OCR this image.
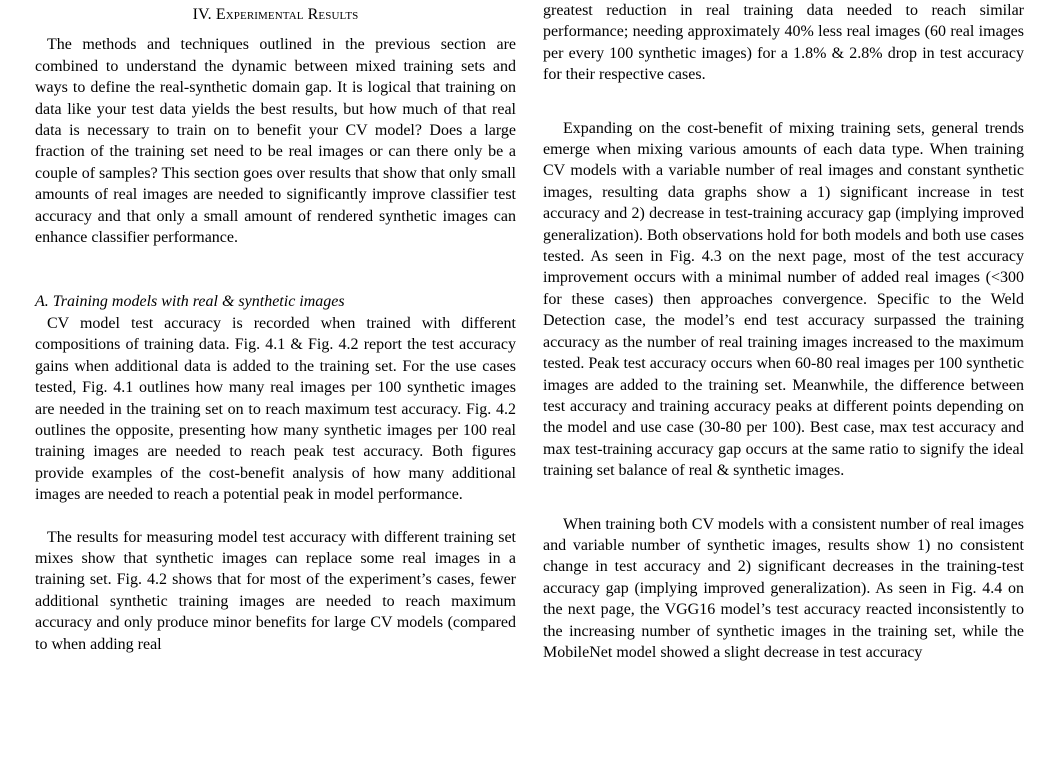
IV. Experimental Results

The methods and techniques outlined in the previous section are combined to understand the dynamic between mixed training sets and ways to define the real-synthetic domain gap. It is logical that training on data like your test data yields the best results, but how much of that real data is necessary to train on to benefit your CV model? Does a large fraction of the training set need to be real images or can there only be a couple of samples? This section goes over results that show that only small amounts of real images are needed to significantly improve classifier test accuracy and that only a small amount of rendered synthetic images can enhance classifier performance.

A. Training models with real & synthetic images

CV model test accuracy is recorded when trained with different compositions of training data. Fig. 4.1 & Fig. 4.2 report the test accuracy gains when additional data is added to the training set. For the use cases tested, Fig. 4.1 outlines how many real images per 100 synthetic images are needed in the training set on to reach maximum test accuracy. Fig. 4.2 outlines the opposite, presenting how many synthetic images per 100 real training images are needed to reach peak test accuracy. Both figures provide examples of the cost-benefit analysis of how many additional images are needed to reach a potential peak in model performance.

The results for measuring model test accuracy with different training set mixes show that synthetic images can replace some real images in a training set. Fig. 4.2 shows that for most of the experiment’s cases, fewer additional synthetic training images are needed to reach maximum accuracy and only produce minor benefits for large CV models (compared to when adding real

greatest reduction in real training data needed to reach similar performance; needing approximately 40% less real images (60 real images per every 100 synthetic images) for a 1.8% & 2.8% drop in test accuracy for their respective cases.

Expanding on the cost-benefit of mixing training sets, general trends emerge when mixing various amounts of each data type. When training CV models with a variable number of real images and constant synthetic images, resulting data graphs show a 1) significant increase in test accuracy and 2) decrease in test-training accuracy gap (implying improved generalization). Both observations hold for both models and both use cases tested. As seen in Fig. 4.3 on the next page, most of the test accuracy improvement occurs with a minimal number of added real images (<300 for these cases) then approaches convergence. Specific to the Weld Detection case, the model’s end test accuracy surpassed the training accuracy as the number of real training images increased to the maximum tested. Peak test accuracy occurs when 60-80 real images per 100 synthetic images are added to the training set. Meanwhile, the difference between test accuracy and training accuracy peaks at different points depending on the model and use case (30-80 per 100). Best case, max test accuracy and max test-training accuracy gap occurs at the same ratio to signify the ideal training set balance of real & synthetic images.

When training both CV models with a consistent number of real images and variable number of synthetic images, results show 1) no consistent change in test accuracy and 2) significant decreases in the training-test accuracy gap (implying improved generalization). As seen in Fig. 4.4 on the next page, the VGG16 model’s test accuracy reacted inconsistently to the increasing number of synthetic images in the training set, while the MobileNet model showed a slight decrease in test accuracy
